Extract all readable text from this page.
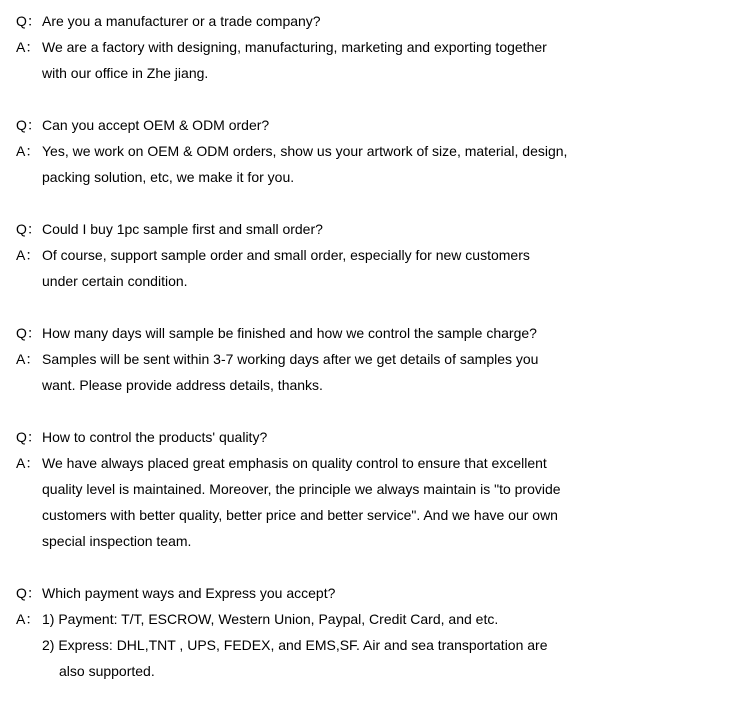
Q：Are you a manufacturer or a trade company?
A： We are a factory with designing, manufacturing, marketing and exporting together
with our office in Zhe jiang.
Q：Can you accept OEM & ODM order?
A： Yes, we work on OEM & ODM orders, show us your artwork of size, material, design,
packing solution, etc, we make it for you.
Q：Could I buy 1pc sample first and small order?
A： Of course, support sample order and small order, especially for new customers
under certain condition.
Q：How many days will sample be finished and how we control the sample charge?
A： Samples will be sent within 3-7 working days after we get details of samples you
want. Please provide address details, thanks.
Q：How to control the products' quality?
A： We have always placed great emphasis on quality control to ensure that excellent
quality level is maintained. Moreover, the principle we always maintain is "to provide
customers with better quality, better price and better service". And we have our own
special inspection team.
Q：Which payment ways and Express you accept?
A： 1) Payment: T/T, ESCROW, Western Union, Paypal, Credit Card, and etc.
2) Express: DHL,TNT , UPS, FEDEX, and EMS,SF. Air and sea transportation are
also supported.
